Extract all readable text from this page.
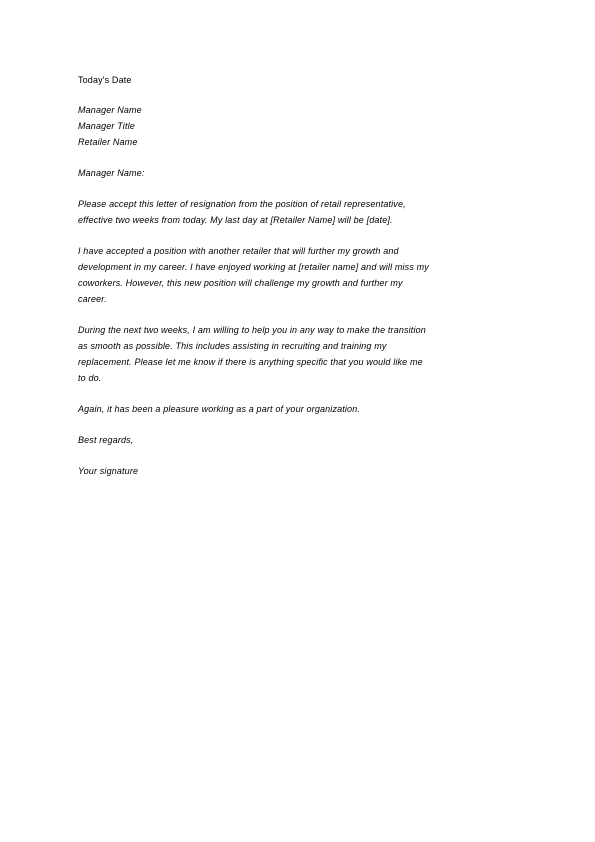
Today's Date
Manager Name
Manager Title
Retailer Name
Manager Name:
Please accept this letter of resignation from the position of retail representative,
effective two weeks from today. My last day at [Retailer Name] will be [date].
I have accepted a position with another retailer that will further my growth and
development in my career. I have enjoyed working at [retailer name] and will miss my
coworkers. However, this new position will challenge my growth and further my
career.
During the next two weeks, I am willing to help you in any way to make the transition
as smooth as possible. This includes assisting in recruiting and training my
replacement. Please let me know if there is anything specific that you would like me
to do.
Again, it has been a pleasure working as a part of your organization.
Best regards,
Your signature
